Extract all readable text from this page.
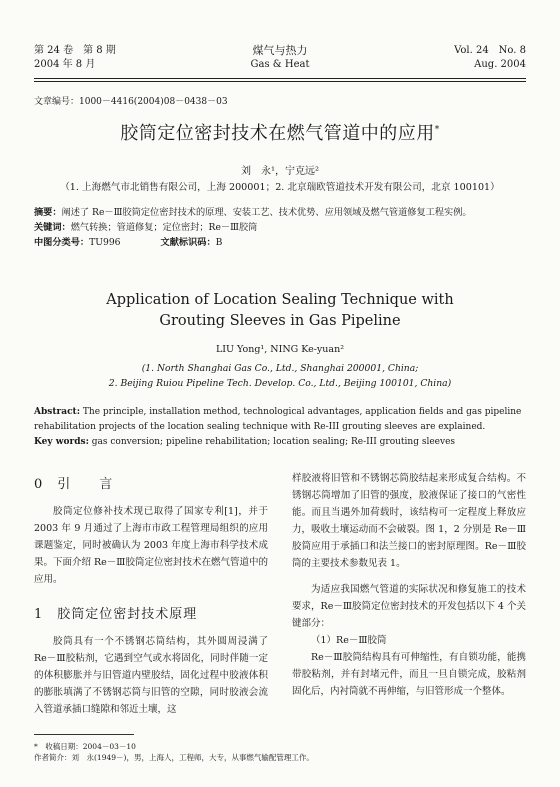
第 24 卷　第 8 期
2004 年 8 月
煤气与热力
Gas & Heat
Vol. 24　No. 8
Aug. 2004
文章编号：1000－4416(2004)08－0438－03
胶筒定位密封技术在燃气管道中的应用*
刘　永¹，宁克远²
（1. 上海燃气市北销售有限公司，上海 200001；2. 北京瑞欧管道技术开发有限公司，北京 100101）
摘要：阐述了 Re－Ⅲ胶筒定位密封技术的原理、安装工艺、技术优势、应用领域及燃气管道修复工程实例。
关键词：燃气转换；管道修复；定位密封；Re－Ⅲ胶筒
中图分类号：TU996	文献标识码：B
Application of Location Sealing Technique with
Grouting Sleeves in Gas Pipeline
LIU Yong¹, NING Ke-yuan²
(1. North Shanghai Gas Co., Ltd., Shanghai 200001, China;
2. Beijing Ruiou Pipeline Tech. Develop. Co., Ltd., Beijing 100101, China)
Abstract: The principle, installation method, technological advantages, application fields and gas pipeline rehabilitation projects of the location sealing technique with Re-III grouting sleeves are explained.
Key words: gas conversion; pipeline rehabilitation; location sealing; Re-III grouting sleeves
0　引　　言

胶筒定位修补技术现已取得了国家专利[1]，并于 2003 年 9 月通过了上海市市政工程管理局组织的应用课题鉴定，同时被确认为 2003 年度上海市科学技术成果。下面介绍 Re－Ⅲ胶筒定位密封技术在燃气管道中的应用。

1　胶筒定位密封技术原理

胶筒具有一个不锈钢芯筒结构，其外圆周浸满了 Re－Ⅲ胶粘剂，它遇到空气或水将固化，同时伴随一定的体积膨胀并与旧管道内壁胶结，固化过程中胶液体积的膨胀填满了不锈钢芯筒与旧管的空隙，同时胶液会流入管道承插口缝隙和邻近土壤，这

样胶液将旧管和不锈钢芯筒胶结起来形成复合结构。不锈钢芯筒增加了旧管的强度，胶液保证了接口的气密性能。而且当遇外加荷载时，该结构可一定程度上释放应力，吸收土壤运动而不会破裂。图 1，2 分别是 Re－Ⅲ胶筒应用于承插口和法兰接口的密封原理图。Re－Ⅲ胶筒的主要技术参数见表 1。

为适应我国燃气管道的实际状况和修复施工的技术要求，Re－Ⅲ胶筒定位密封技术的开发包括以下 4 个关键部分：

（1）Re－Ⅲ胶筒

Re－Ⅲ胶筒结构具有可伸缩性，有自锁功能，能携带胶粘剂，并有封堵元件，而且一旦自锁完成，胶粘剂固化后，内衬筒就不再伸缩，与旧管形成一个整体。

*　收稿日期：2004－03－10
作者简介：刘　永(1949－)，男，上海人，工程师，大专，从事燃气输配管理工作。
